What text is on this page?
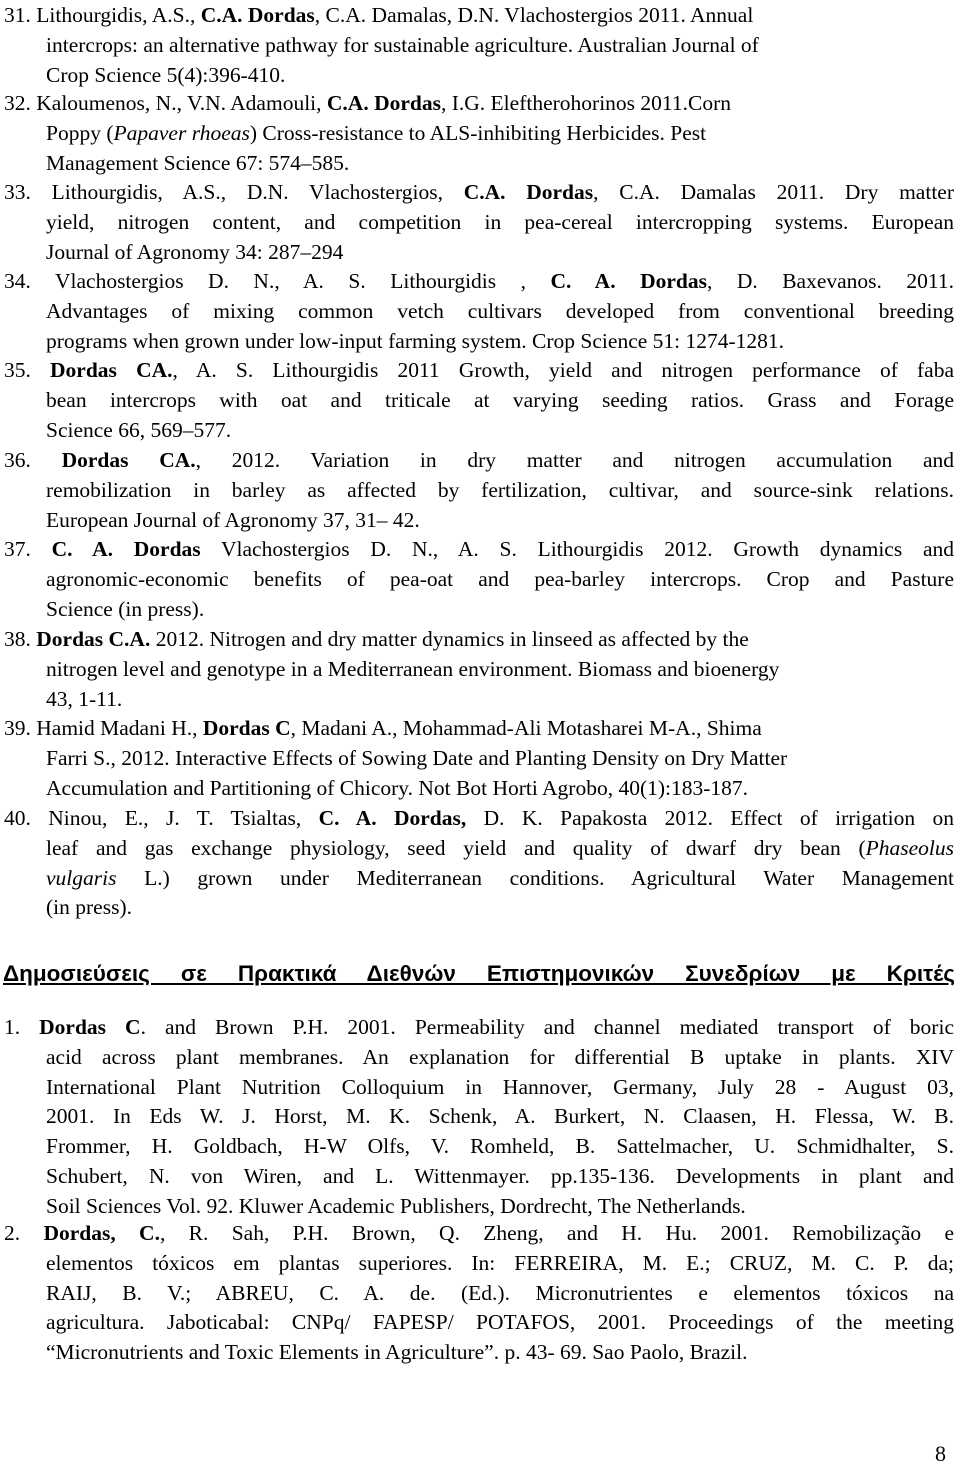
31. Lithourgidis, A.S., C.A. Dordas, C.A. Damalas, D.N. Vlachostergios 2011. Annual
intercrops: an alternative pathway for sustainable agriculture. Australian Journal of
Crop Science 5(4):396-410.
32. Kaloumenos, N., V.N. Adamouli, C.A. Dordas, I.G. Eleftherohorinos 2011.Corn
Poppy (Papaver rhoeas) Cross-resistance to ALS-inhibiting Herbicides. Pest
Management Science 67: 574–585.
33. Lithourgidis, A.S., D.N. Vlachostergios, C.A. Dordas, C.A. Damalas 2011. Dry matter
yield, nitrogen content, and competition in pea-cereal intercropping systems. European
Journal of Agronomy 34: 287–294
34. Vlachostergios D. N., A. S. Lithourgidis , C. A. Dordas, D. Baxevanos. 2011.
Advantages of mixing common vetch cultivars developed from conventional breeding
programs when grown under low-input farming system. Crop Science 51: 1274-1281.
35. Dordas CA., A. S. Lithourgidis 2011 Growth, yield and nitrogen performance of faba
bean intercrops with oat and triticale at varying seeding ratios. Grass and Forage
Science 66, 569–577.
36. Dordas CA., 2012. Variation in dry matter and nitrogen accumulation and
remobilization in barley as affected by fertilization, cultivar, and source-sink relations.
European Journal of Agronomy 37, 31– 42.
37. C. A. Dordas Vlachostergios D. N., A. S. Lithourgidis 2012. Growth dynamics and
agronomic-economic benefits of pea-oat and pea-barley intercrops. Crop and Pasture
Science (in press).
38. Dordas C.A. 2012. Nitrogen and dry matter dynamics in linseed as affected by the
nitrogen level and genotype in a Mediterranean environment. Biomass and bioenergy
43, 1-11.
39. Hamid Madani H., Dordas C, Madani A., Mohammad-Ali Motasharei M-A., Shima
Farri S., 2012. Interactive Effects of Sowing Date and Planting Density on Dry Matter
Accumulation and Partitioning of Chicory. Not Bot Horti Agrobo, 40(1):183-187.
40. Ninou, E., J. T. Tsialtas, C. A. Dordas, D. K. Papakosta 2012. Effect of irrigation on
leaf and gas exchange physiology, seed yield and quality of dwarf dry bean (Phaseolus
vulgaris L.) grown under Mediterranean conditions. Agricultural Water Management
(in press).
Δημοσιεύσεις σε Πρακτικά Διεθνών Επιστημονικών Συνεδρίων με Κριτές
1. Dordas C. and Brown P.H. 2001. Permeability and channel mediated transport of boric
acid across plant membranes. An explanation for differential B uptake in plants. XIV
International Plant Nutrition Colloquium in Hannover, Germany, July 28 - August 03,
2001. In Eds W. J. Horst, M. K. Schenk, A. Burkert, N. Claasen, H. Flessa, W. B.
Frommer, H. Goldbach, H-W Olfs, V. Romheld, B. Sattelmacher, U. Schmidhalter, S.
Schubert, N. von Wiren, and L. Wittenmayer. pp.135-136. Developments in plant and
Soil Sciences Vol. 92. Kluwer Academic Publishers, Dordrecht, The Netherlands.
2. Dordas, C., R. Sah, P.H. Brown, Q. Zheng, and H. Hu. 2001. Remobilização e
elementos tóxicos em plantas superiores. In: FERREIRA, M. E.; CRUZ, M. C. P. da;
RAIJ, B. V.; ABREU, C. A. de. (Ed.). Micronutrientes e elementos tóxicos na
agricultura. Jaboticabal: CNPq/ FAPESP/ POTAFOS, 2001. Proceedings of the meeting
“Micronutrients and Toxic Elements in Agriculture”. p. 43- 69. Sao Paolo, Brazil.
8
